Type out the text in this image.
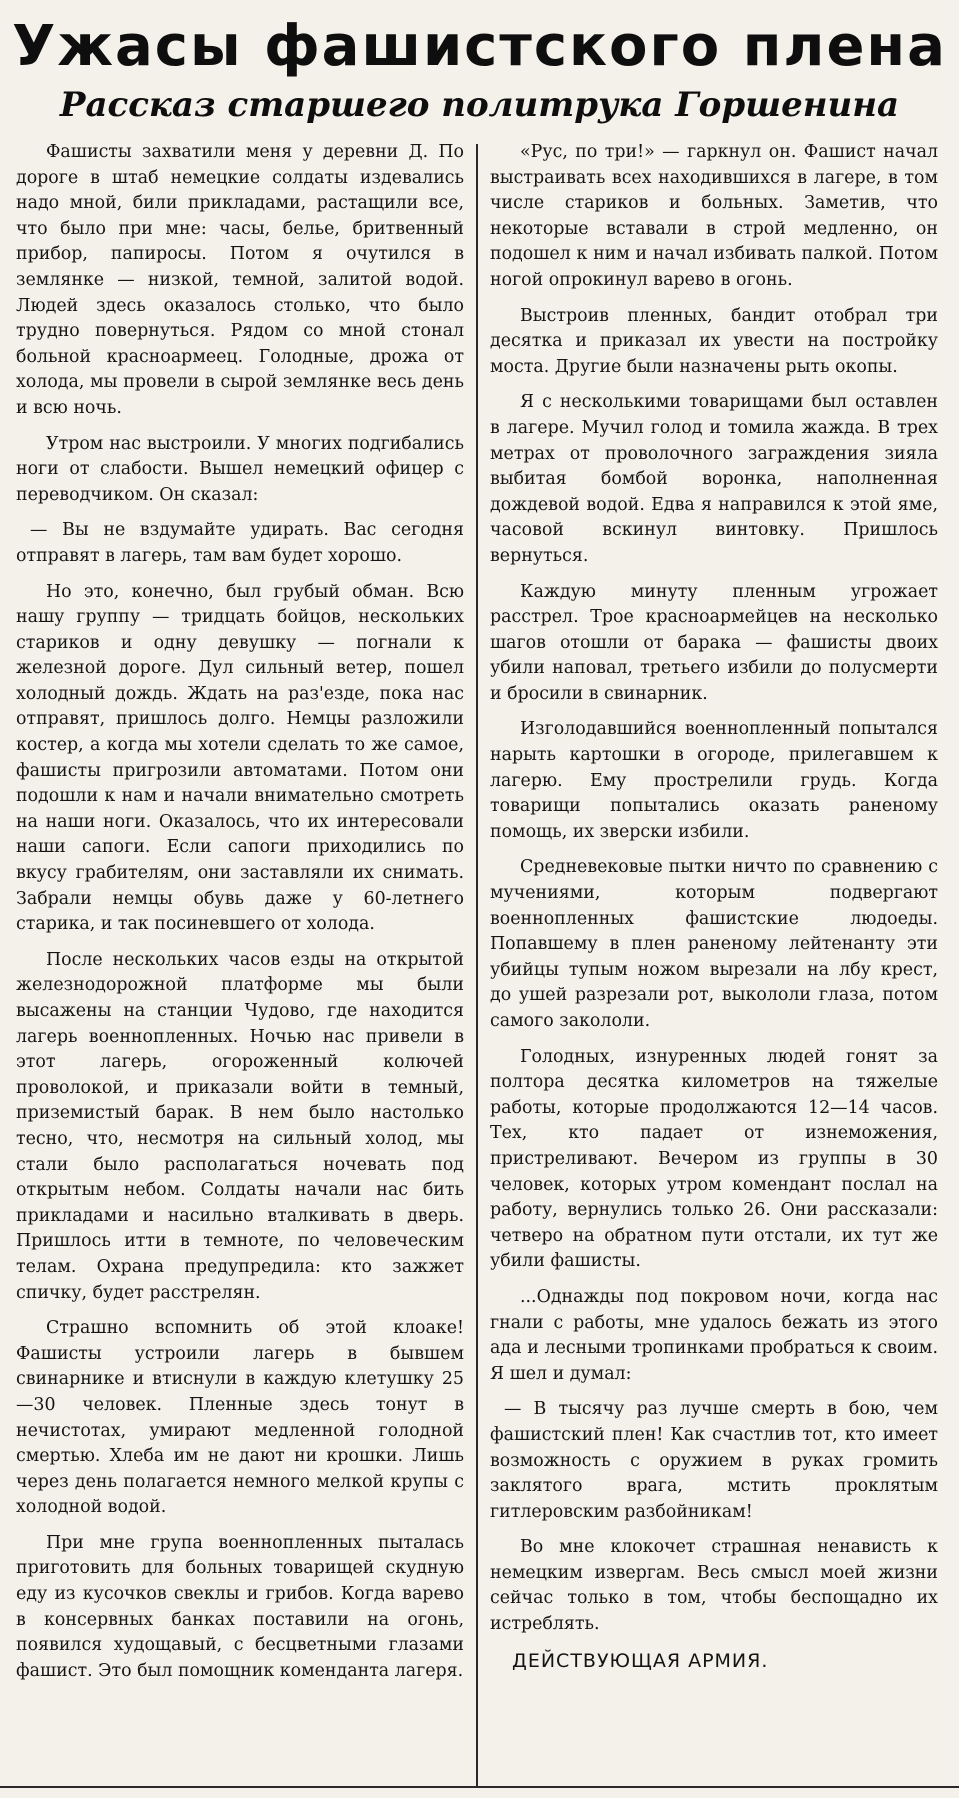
Ужасы фашистского плена
Рассказ старшего политрука Горшенина

Фашисты захватили меня у деревни Д. По дороге в штаб немецкие солдаты издевались надо мной, били прикладами, растащили все, что было при мне: часы, белье, бритвенный прибор, папиросы. Потом я очутился в землянке — низкой, темной, залитой водой. Людей здесь оказалось столько, что было трудно повернуться. Рядом со мной стонал больной красноармеец. Голодные, дрожа от холода, мы провели в сырой землянке весь день и всю ночь.

Утром нас выстроили. У многих подгибались ноги от слабости. Вышел немецкий офицер с переводчиком. Он сказал:

— Вы не вздумайте удирать. Вас сегодня отправят в лагерь, там вам будет хорошо.

Но это, конечно, был грубый обман. Всю нашу группу — тридцать бойцов, нескольких стариков и одну девушку — погнали к железной дороге. Дул сильный ветер, пошел холодный дождь. Ждать на раз'езде, пока нас отправят, пришлось долго. Немцы разложили костер, а когда мы хотели сделать то же самое, фашисты пригрозили автоматами. Потом они подошли к нам и начали внимательно смотреть на наши ноги. Оказалось, что их интересовали наши сапоги. Если сапоги приходились по вкусу грабителям, они заставляли их снимать. Забрали немцы обувь даже у 60-летнего старика, и так посиневшего от холода.

После нескольких часов езды на открытой железнодорожной платформе мы были высажены на станции Чудово, где находится лагерь военнопленных. Ночью нас привели в этот лагерь, огороженный колючей проволокой, и приказали войти в темный, приземистый барак. В нем было настолько тесно, что, несмотря на сильный холод, мы стали было располагаться ночевать под открытым небом. Солдаты начали нас бить прикладами и насильно вталкивать в дверь. Пришлось итти в темноте, по человеческим телам. Охрана предупредила: кто зажжет спичку, будет расстрелян.

Страшно вспомнить об этой клоаке! Фашисты устроили лагерь в бывшем свинарнике и втиснули в каждую клетушку 25—30 человек. Пленные здесь тонут в нечистотах, умирают медленной голодной смертью. Хлеба им не дают ни крошки. Лишь через день полагается немного мелкой крупы с холодной водой.

При мне група военнопленных пыталась приготовить для больных товарищей скудную еду из кусочков свеклы и грибов. Когда варево в консервных банках поставили на огонь, появился худощавый, с бесцветными глазами фашист. Это был помощник коменданта лагеря.

«Рус, по три!» — гаркнул он. Фашист начал выстраивать всех находившихся в лагере, в том числе стариков и больных. Заметив, что некоторые вставали в строй медленно, он подошел к ним и начал избивать палкой. Потом ногой опрокинул варево в огонь.

Выстроив пленных, бандит отобрал три десятка и приказал их увести на постройку моста. Другие были назначены рыть окопы.

Я с несколькими товарищами был оставлен в лагере. Мучил голод и томила жажда. В трех метрах от проволочного заграждения зияла выбитая бомбой воронка, наполненная дождевой водой. Едва я направился к этой яме, часовой вскинул винтовку. Пришлось вернуться.

Каждую минуту пленным угрожает расстрел. Трое красноармейцев на несколько шагов отошли от барака — фашисты двоих убили наповал, третьего избили до полусмерти и бросили в свинарник.

Изголодавшийся военнопленный попытался нарыть картошки в огороде, прилегавшем к лагерю. Ему прострелили грудь. Когда товарищи попытались оказать раненому помощь, их зверски избили.

Средневековые пытки ничто по сравнению с мучениями, которым подвергают военнопленных фашистские людоеды. Попавшему в плен раненому лейтенанту эти убийцы тупым ножом вырезали на лбу крест, до ушей разрезали рот, выкололи глаза, потом самого закололи.

Голодных, изнуренных людей гонят за полтора десятка километров на тяжелые работы, которые продолжаются 12—14 часов. Тех, кто падает от изнеможения, пристреливают. Вечером из группы в 30 человек, которых утром комендант послал на работу, вернулись только 26. Они рассказали: четверо на обратном пути отстали, их тут же убили фашисты.

...Однажды под покровом ночи, когда нас гнали с работы, мне удалось бежать из этого ада и лесными тропинками пробраться к своим. Я шел и думал:

— В тысячу раз лучше смерть в бою, чем фашистский плен! Как счастлив тот, кто имеет возможность с оружием в руках громить заклятого врага, мстить проклятым гитлеровским разбойникам!

Во мне клокочет страшная ненависть к немецким извергам. Весь смысл моей жизни сейчас только в том, чтобы беспощадно их истреблять.

ДЕЙСТВУЮЩАЯ АРМИЯ.
